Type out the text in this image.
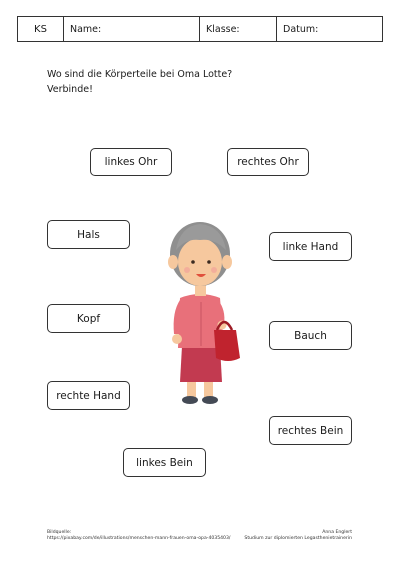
KS	Name:	Klasse:	Datum:
Wo sind die Körperteile bei Oma Lotte?
Verbinde!
linkes Ohr	rechtes Ohr
Hals
linke Hand
Kopf
Bauch
rechte Hand
rechtes Bein
linkes Bein
Bildquelle:
https://pixabay.com/de/illustrations/menschen-mann-frauen-oma-opa-4035403/
Anna Englert
Studium zur diplomierten Legasthenietrainerin
